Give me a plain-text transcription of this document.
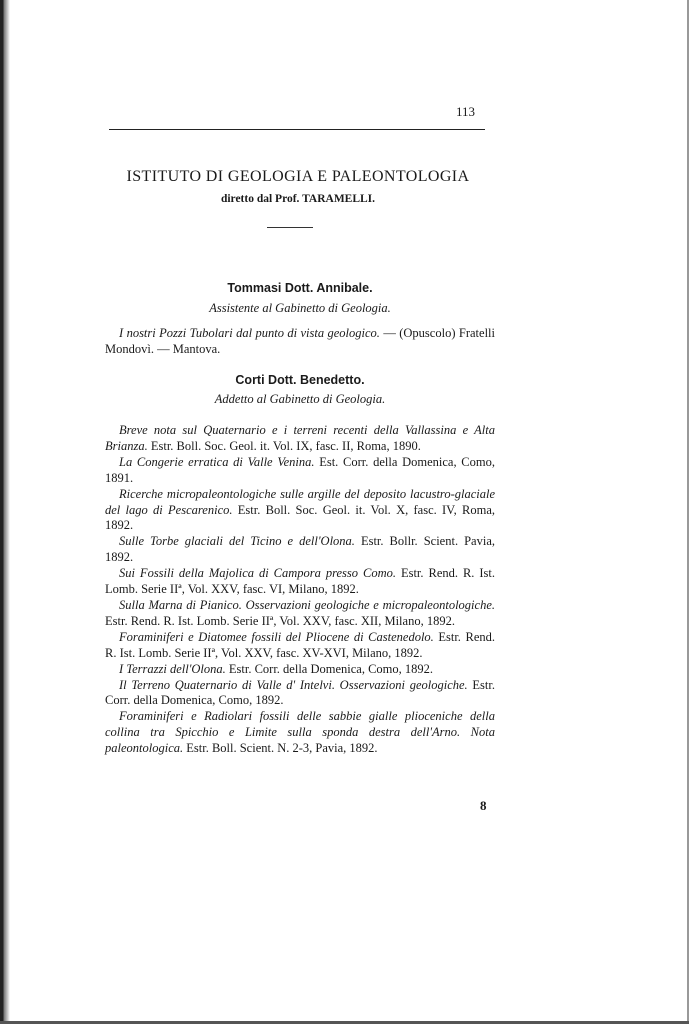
113
ISTITUTO DI GEOLOGIA E PALEONTOLOGIA
diretto dal Prof. TARAMELLI.
Tommasi Dott. Annibale.
Assistente al Gabinetto di Geologia.

I nostri Pozzi Tubolari dal punto di vista geologico. — (Opuscolo) Fratelli Mondovì. — Mantova.

Corti Dott. Benedetto.
Addetto al Gabinetto di Geologia.

Breve nota sul Quaternario e i terreni recenti della Vallassina e Alta Brianza. Estr. Boll. Soc. Geol. it. Vol. IX, fasc. II, Roma, 1890.

La Congerie erratica di Valle Venina. Est. Corr. della Domenica, Como, 1891.

Ricerche micropaleontologiche sulle argille del deposito lacustro-glaciale del lago di Pescarenico. Estr. Boll. Soc. Geol. it. Vol. X, fasc. IV, Roma, 1892.

Sulle Torbe glaciali del Ticino e dell'Olona. Estr. Bollr. Scient. Pavia, 1892.

Sui Fossili della Majolica di Campora presso Como. Estr. Rend. R. Ist. Lomb. Serie IIª, Vol. XXV, fasc. VI, Milano, 1892.

Sulla Marna di Pianico. Osservazioni geologiche e micropaleontologiche. Estr. Rend. R. Ist. Lomb. Serie IIª, Vol. XXV, fasc. XII, Milano, 1892.

Foraminiferi e Diatomee fossili del Pliocene di Castenedolo. Estr. Rend. R. Ist. Lomb. Serie IIª, Vol. XXV, fasc. XV-XVI, Milano, 1892.

I Terrazzi dell'Olona. Estr. Corr. della Domenica, Como, 1892.

Il Terreno Quaternario di Valle d' Intelvi. Osservazioni geologiche. Estr. Corr. della Domenica, Como, 1892.

Foraminiferi e Radiolari fossili delle sabbie gialle plioceniche della collina tra Spicchio e Limite sulla sponda destra dell'Arno. Nota paleontologica. Estr. Boll. Scient. N. 2-3, Pavia, 1892.

8
